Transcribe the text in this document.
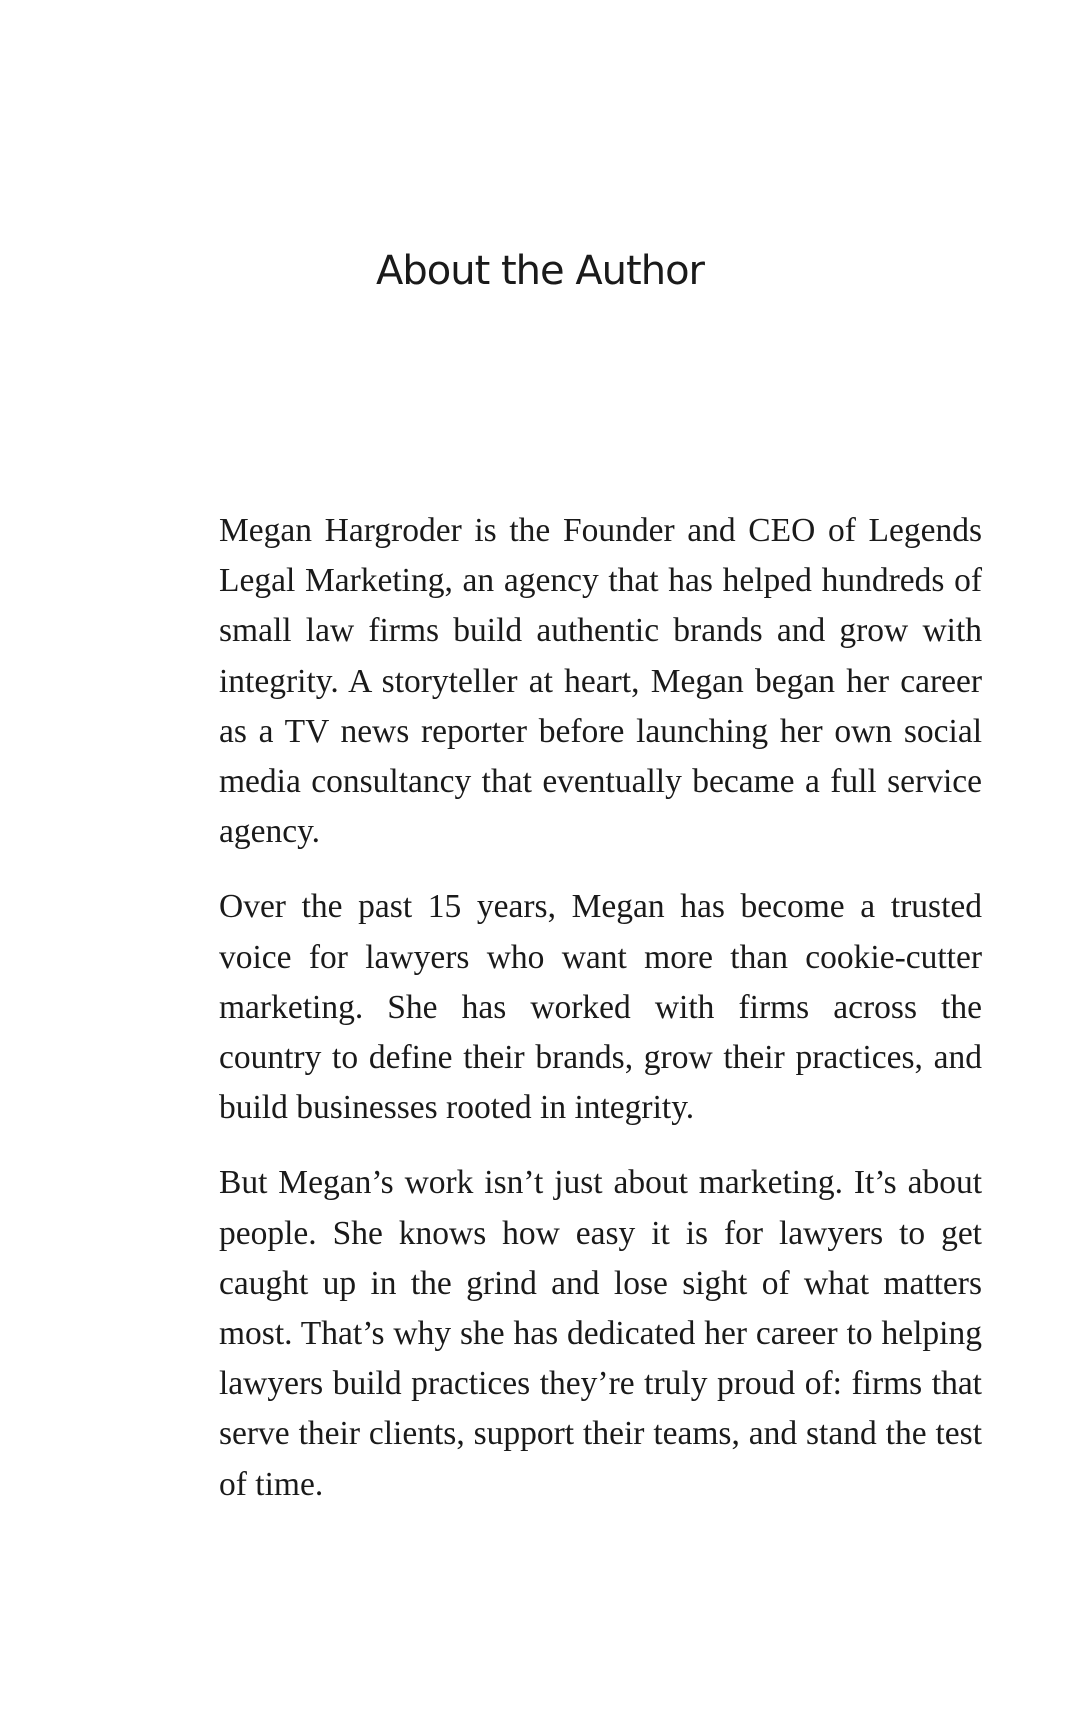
About the Author

Megan Hargroder is the Founder and CEO of Legends Legal Marketing, an agency that has helped hundreds of small law firms build authentic brands and grow with integrity. A storyteller at heart, Megan began her career as a TV news reporter before launching her own social media consultancy that eventually became a full service agency.

Over the past 15 years, Megan has become a trusted voice for lawyers who want more than cookie-cutter marketing. She has worked with firms across the country to define their brands, grow their practices, and build businesses rooted in integrity.

But Megan’s work isn’t just about marketing. It’s about people. She knows how easy it is for lawyers to get caught up in the grind and lose sight of what matters most. That’s why she has dedicated her career to helping lawyers build practices they’re truly proud of: firms that serve their clients, support their teams, and stand the test of time.
